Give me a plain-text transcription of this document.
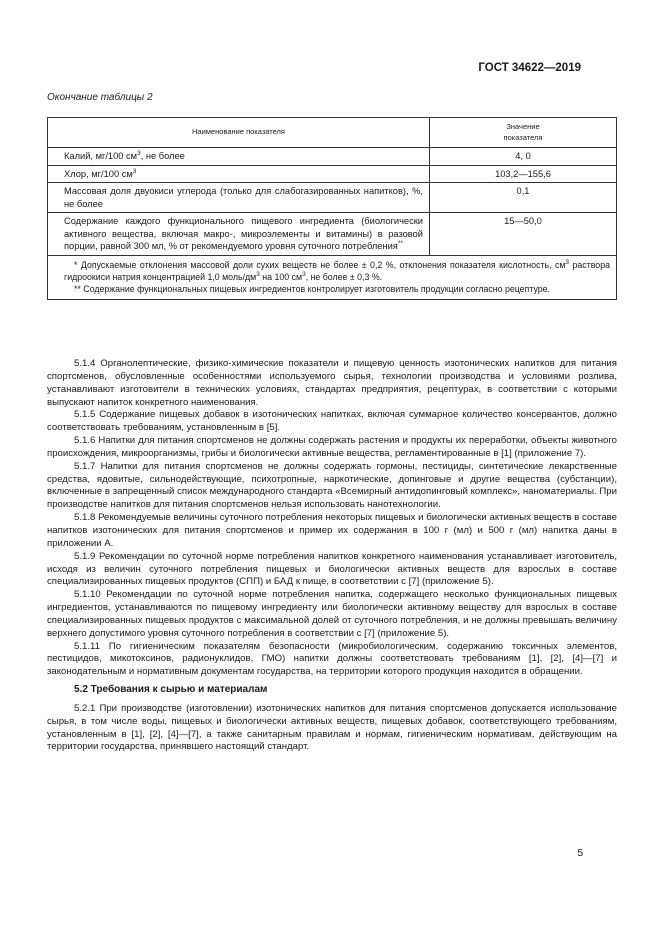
ГОСТ 34622—2019
Окончание таблицы 2
Наименование показателя	Значение
показателя
Калий, мг/100 $см^3$, не более	4, 0
Хлор, мг/100 $см^3$	103,2—155,6
Массовая доля двуокиси углерода (только для слабогазированных напитков), %, не более	0,1
Содержание каждого функционального пищевого ингредиента (биологически активного вещества, включая макро-, микроэлементы и витамины) в разовой порции, равной 300 мл, % от рекомендуемого уровня суточного потребления**	15—50,0

* Допускаемые отклонения массовой доли сухих веществ не более ± 0,2 %, отклонения показателя кислотность, $см^3$ раствора гидроокиси натрия концентрацией 1,0 моль/$дм^3$ на 100 $см^3$, не более ± 0,3 %.

** Содержание функциональных пищевых ингредиентов контролирует изготовитель продукции согласно рецептуре.	

5.1.4 Органолептические, физико-химические показатели и пищевую ценность изотонических напитков для питания спортсменов, обусловленные особенностями используемого сырья, технологии производства и условиями розлива, устанавливают изготовители в технических условиях, стандартах предприятия, рецептурах, в соответствии с которыми выпускают напиток конкретного наименования.

5.1.5 Содержание пищевых добавок в изотонических напитках, включая суммарное количество консервантов, должно соответствовать требованиям, установленным в [5].

5.1.6 Напитки для питания спортсменов не должны содержать растения и продукты их переработки, объекты животного происхождения, микроорганизмы, грибы и биологически активные вещества, регламентированные в [1] (приложение 7).

5.1.7 Напитки для питания спортсменов не должны содержать гормоны, пестициды, синтетические лекарственные средства, ядовитые, сильнодействующие, психотропные, наркотические, допинговые и другие вещества (субстанции), включенные в запрещенный список международного стандарта «Всемирный антидопинговый комплекс», наноматериалы. При производстве напитков для питания спортсменов нельзя использовать нанотехнологии.

5.1.8 Рекомендуемые величины суточного потребления некоторых пищевых и биологически активных веществ в составе напитков изотонических для питания спортсменов и пример их содержания в 100 г (мл) и 500 г (мл) напитка даны в приложении А.

5.1.9 Рекомендации по суточной норме потребления напитков конкретного наименования устанавливает изготовитель, исходя из величин суточного потребления пищевых и биологически активных веществ для взрослых в составе специализированных пищевых продуктов (СПП) и БАД к пище, в соответствии с [7] (приложение 5).

5.1.10 Рекомендации по суточной норме потребления напитка, содержащего несколько функциональных пищевых ингредиентов, устанавливаются по пищевому ингредиенту или биологически активному веществу для взрослых в составе специализированных пищевых продуктов с максимальной долей от суточного потребления, и не должны превышать величину верхнего допустимого уровня суточного потребления в соответствии с [7] (приложение 5).

5.1.11 По гигиеническим показателям безопасности (микробиологическим, содержанию токсичных элементов, пестицидов, микотоксинов, радионуклидов, ГМО) напитки должны соответствовать требованиям [1], [2], [4]—[7] и законодательным и нормативным документам государства, на территории которого продукция находится в обращении.

5.2 Требования к сырью и материалам

5.2.1 При производстве (изготовлении) изотонических напитков для питания спортсменов допускается использование сырья, в том числе воды, пищевых и биологически активных веществ, пищевых добавок, соответствующего требованиям, установленным в [1], [2], [4]—[7], а также санитарным правилам и нормам, гигиеническим нормативам, действующим на территории государства, принявшего настоящий стандарт.

5
